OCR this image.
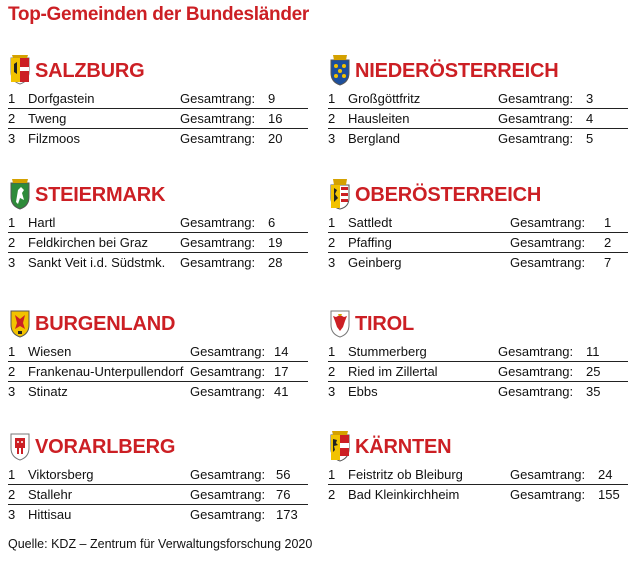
Top-Gemeinden der Bundesländer
SALZBURG
1 Dorfgastein	Gesamtrang: 9
2 Tweng	Gesamtrang: 16
3 Filzmoos	Gesamtrang: 20
NIEDERÖSTERREICH
1 Großgöttfritz	Gesamtrang: 3
2 Hausleiten	Gesamtrang: 4
3 Bergland	Gesamtrang: 5
STEIERMARK
1 Hartl	Gesamtrang: 6
2 Feldkirchen bei Graz Gesamtrang: 19
3 Sankt Veit i.d. Südstmk. Gesamtrang: 28
OBERÖSTERREICH
1 Sattledt	Gesamtrang: 1
2 Pfaffing	Gesamtrang: 2
3 Geinberg	Gesamtrang: 7
BURGENLAND
1 Wiesen	Gesamtrang: 14
2 Frankenau-Unterpullendorf Gesamtrang: 17
3 Stinatz	Gesamtrang: 41
TIROL
1 Stummerberg	Gesamtrang: 11
2 Ried im Zillertal	Gesamtrang: 25
3 Ebbs	Gesamtrang: 35
VORARLBERG
1 Viktorsberg	Gesamtrang: 56
2 Stallehr	Gesamtrang: 76
3 Hittisau	Gesamtrang: 173
KÄRNTEN
1 Feistritz ob Bleiburg	Gesamtrang: 24
2 Bad Kleinkirchheim	Gesamtrang: 155
Quelle: KDZ – Zentrum für Verwaltungsforschung 2020
